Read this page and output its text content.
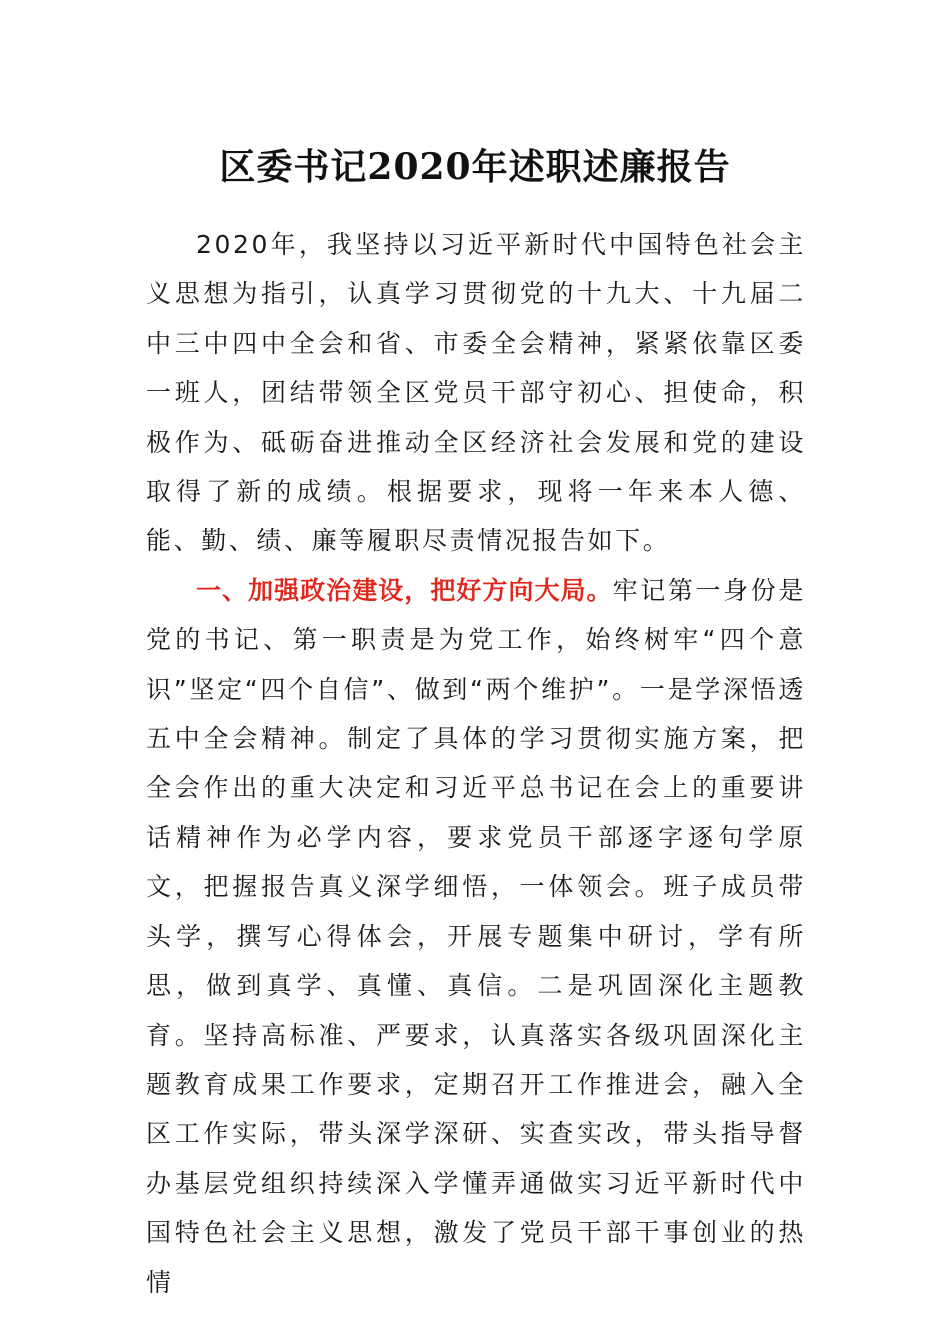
区委书记2020年述职述廉报告

2020年，我坚持以习近平新时代中国特色社会主义思想为指引，认真学习贯彻党的十九大、十九届二中三中四中全会和省、市委全会精神，紧紧依靠区委一班人，团结带领全区党员干部守初心、担使命，积极作为、砥砺奋进推动全区经济社会发展和党的建设取得了新的成绩。根据要求，现将一年来本人德、能、勤、绩、廉等履职尽责情况报告如下。

一、加强政治建设，把好方向大局。牢记第一身份是党的书记、第一职责是为党工作，始终树牢“四个意识”坚定“四个自信”、做到“两个维护”。一是学深悟透五中全会精神。制定了具体的学习贯彻实施方案，把全会作出的重大决定和习近平总书记在会上的重要讲话精神作为必学内容，要求党员干部逐字逐句学原文，把握报告真义深学细悟，一体领会。班子成员带头学，撰写心得体会，开展专题集中研讨，学有所思，做到真学、真懂、真信。二是巩固深化主题教育。坚持高标准、严要求，认真落实各级巩固深化主题教育成果工作要求，定期召开工作推进会，融入全区工作实际，带头深学深研、实查实改，带头指导督办基层党组织持续深入学懂弄通做实习近平新时代中国特色社会主义思想，激发了党员干部干事创业的热情
